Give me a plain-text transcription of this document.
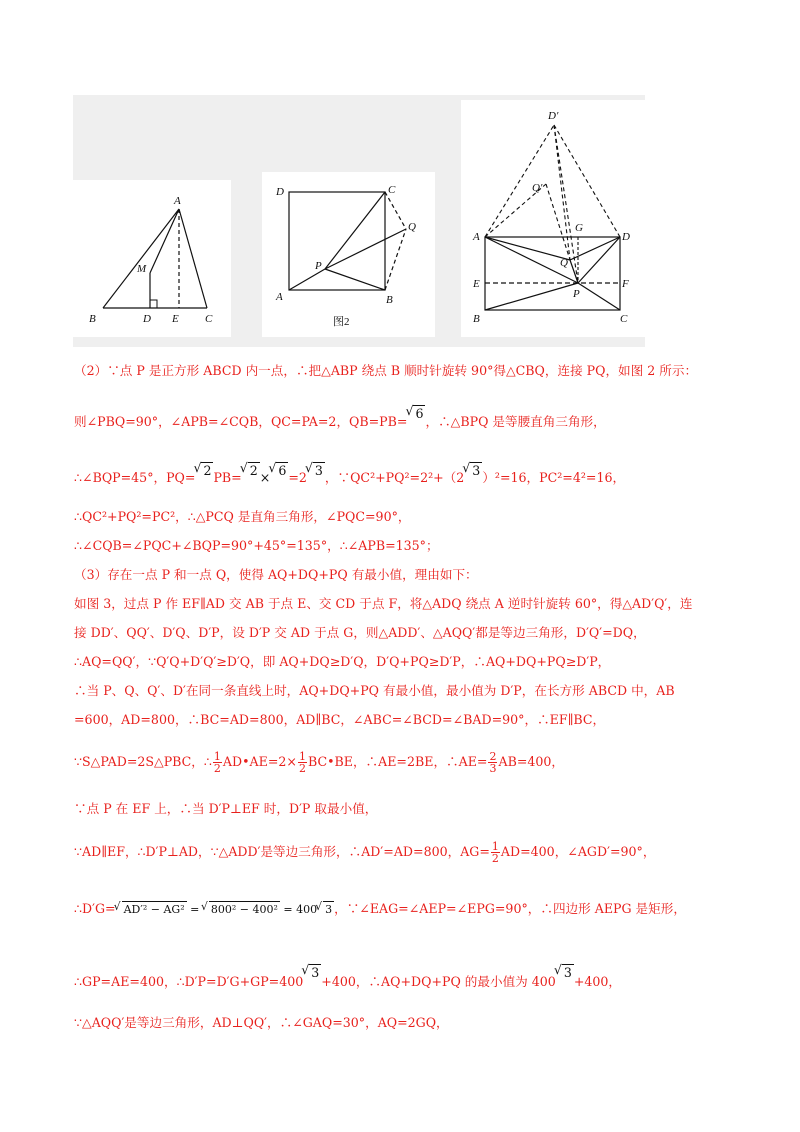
A
M
B	D E C
D	C
Q
P
A	B
图2
D′
Q′
A
G
D
Q
E
P
F
B	C
（2）∵点 P 是正方形 ABCD 内一点，∴把△ABP 绕点 B 顺时针旋转 90°得△CBQ，连接 PQ，如图 2 所示：
则∠PBQ=90°，∠APB=∠CQB，QC=PA=2，QB=PB=√ 6，∴△BPQ 是等腰直角三角形，
∴∠BQP=45°，PQ= √ 2 PB= √ 2 × √ 6 =2 √ 3 ，∵QC²+PQ²=2²+（2 √ 3 ）²=16，PC²=4²=16，
∴QC²+PQ²=PC²，∴△PCQ 是直角三角形，∠PQC=90°，
∴∠CQB=∠PQC+∠BQP=90°+45°=135°，∴∠APB=135°；
（3）存在一点 P 和一点 Q，使得 AQ+DQ+PQ 有最小值，理由如下：
如图 3，过点 P 作 EF∥AD 交 AB 于点 E、交 CD 于点 F，将△ADQ 绕点 A 逆时针旋转 60°，得△AD′Q′，连
接 DD′、QQ′、D′Q、D′P，设 D′P 交 AD 于点 G，则△ADD′、△AQQ′都是等边三角形，D′Q′=DQ，
∴AQ=QQ′，∵Q′Q+D′Q′≥D′Q，即 AQ+DQ≥D′Q，D′Q+PQ≥D′P，∴AQ+DQ+PQ≥D′P，
∴当 P、Q、Q′、D′在同一条直线上时，AQ+DQ+PQ 有最小值，最小值为 D′P，在长方形 ABCD 中，AB
=600，AD=800，∴BC=AD=800，AD∥BC，∠ABC=∠BCD=∠BAD=90°，∴EF∥BC，
∵S△PAD=2S△PBC，∴ $\frac{1}{2}$ AD•AE=2× $\frac{1}{2}$ BC•BE，∴AE=2BE，∴AE= $\frac{2}{3} AB=400$，
∵点 P 在 EF 上，∴当 D′P⊥EF 时，D′P 取最小值，
∵AD∥EF，∴D′P⊥AD，∵△ADD′是等边三角形，∴AD′=AD=800，$AG= \frac{1}{2} AD=400$，∠AGD′=90°，
∴D′G= √ AD′² − AG² = √ 800² − 400² = 400 √ 3 ，∵∠EAG=∠AEP=∠EPG=90°，∴四边形 AEPG 是矩形，
∴GP=AE=400，∴D′P=D′G+GP=400√ 3+400，∴AQ+DQ+PQ 的最小值为 400√ 3+400，
∵△AQQ′是等边三角形，AD⊥QQ′，∴∠GAQ=30°，AQ=2GQ，
